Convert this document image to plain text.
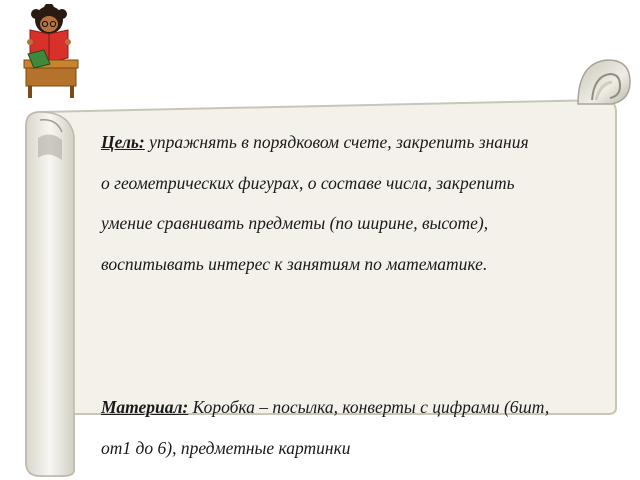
Цель: упражнять в порядковом счете, закрепить знания
о геометрических фигурах, о составе числа, закрепить
умение сравнивать предметы (по ширине, высоте),
воспитывать интерес к занятиям по математике.
Материал: Коробка – посылка, конверты с цифрами (6шт,
от1 до 6), предметные картинки
